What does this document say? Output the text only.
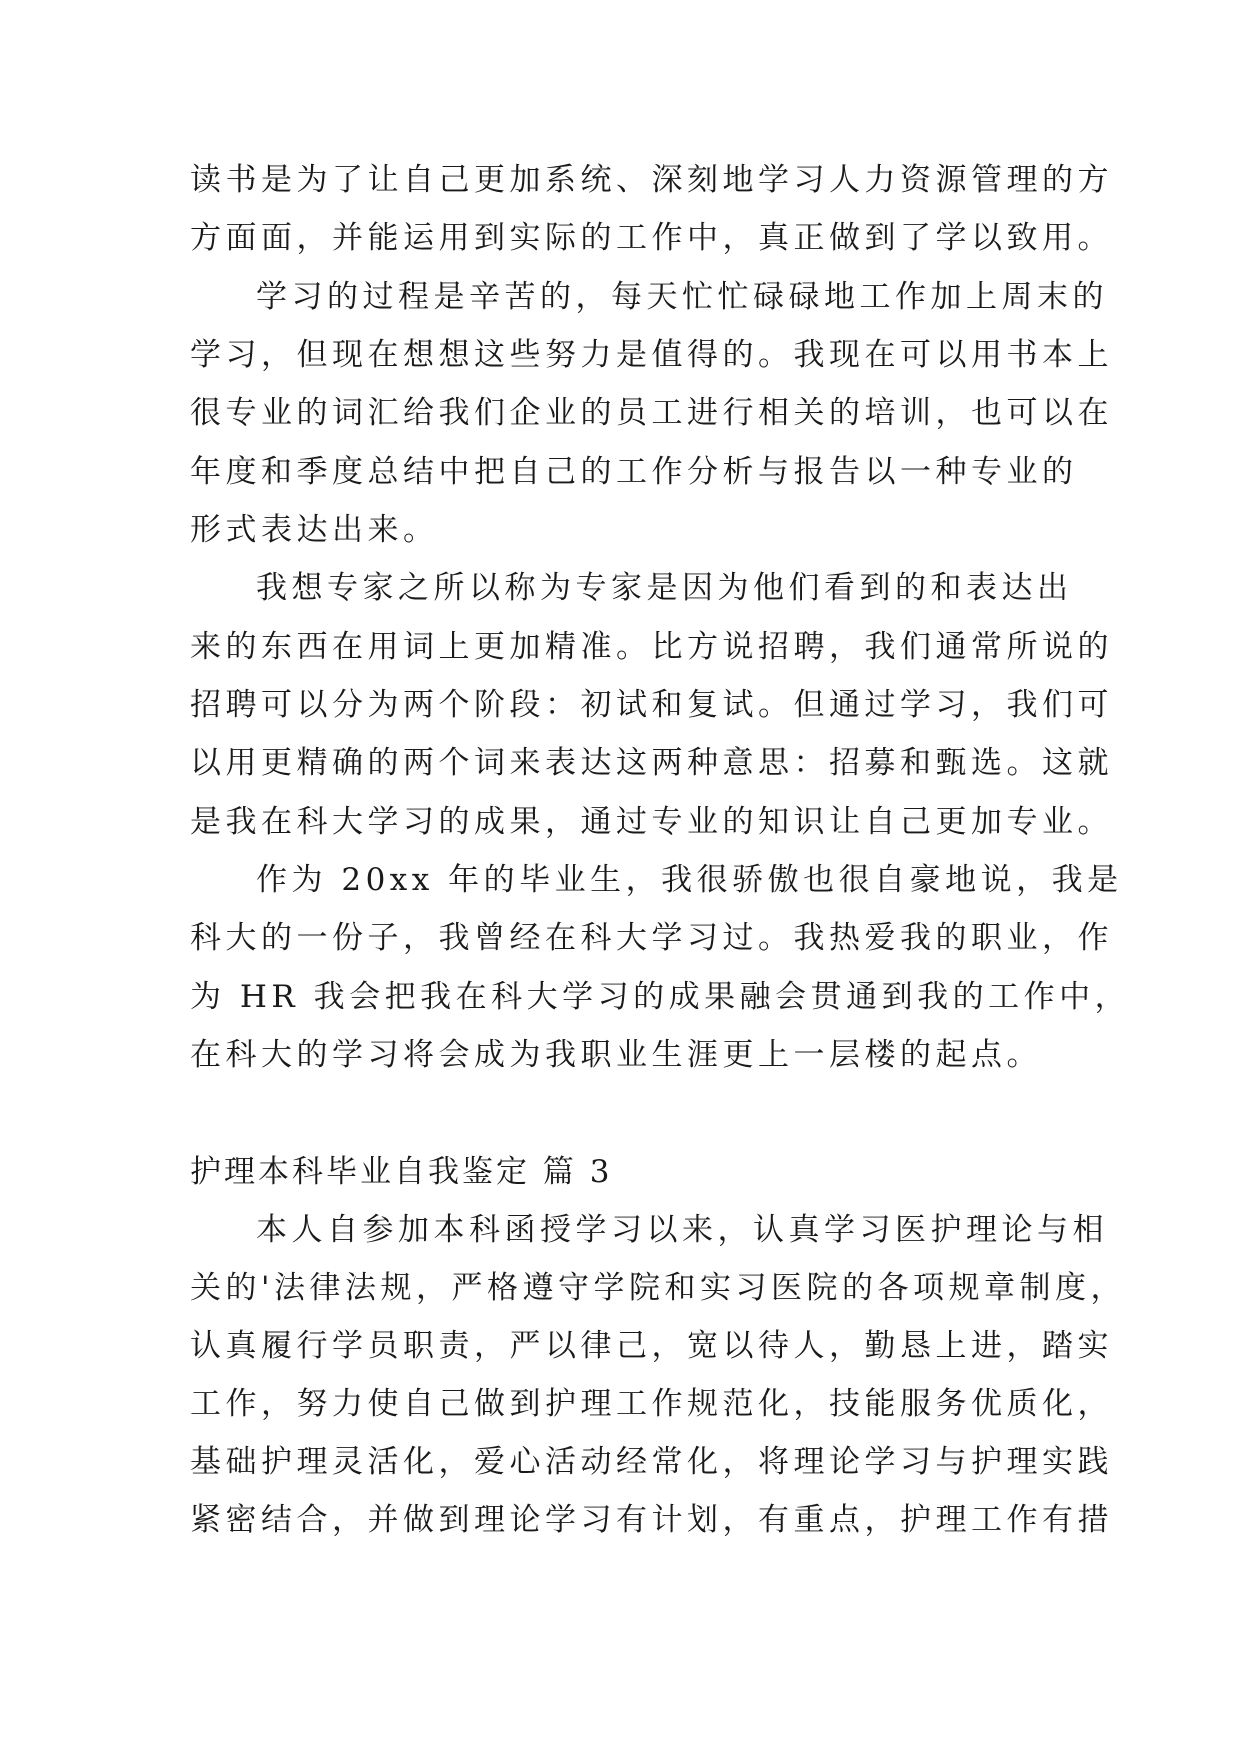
读书是为了让自己更加系统、深刻地学习人力资源管理的方
方面面，并能运用到实际的工作中，真正做到了学以致用。
学习的过程是辛苦的，每天忙忙碌碌地工作加上周末的
学习，但现在想想这些努力是值得的。我现在可以用书本上
很专业的词汇给我们企业的员工进行相关的培训，也可以在
年度和季度总结中把自己的工作分析与报告以一种专业的
形式表达出来。
我想专家之所以称为专家是因为他们看到的和表达出
来的东西在用词上更加精准。比方说招聘，我们通常所说的
招聘可以分为两个阶段：初试和复试。但通过学习，我们可
以用更精确的两个词来表达这两种意思：招募和甄选。这就
是我在科大学习的成果，通过专业的知识让自己更加专业。
作为 20xx 年的毕业生，我很骄傲也很自豪地说，我是
科大的一份子，我曾经在科大学习过。我热爱我的职业，作
为 HR 我会把我在科大学习的成果融会贯通到我的工作中，
在科大的学习将会成为我职业生涯更上一层楼的起点。
护理本科毕业自我鉴定 篇 3
本人自参加本科函授学习以来，认真学习医护理论与相
关的'法律法规，严格遵守学院和实习医院的各项规章制度，
认真履行学员职责，严以律己，宽以待人，勤恳上进，踏实
工作，努力使自己做到护理工作规范化，技能服务优质化，
基础护理灵活化，爱心活动经常化，将理论学习与护理实践
紧密结合，并做到理论学习有计划，有重点，护理工作有措
